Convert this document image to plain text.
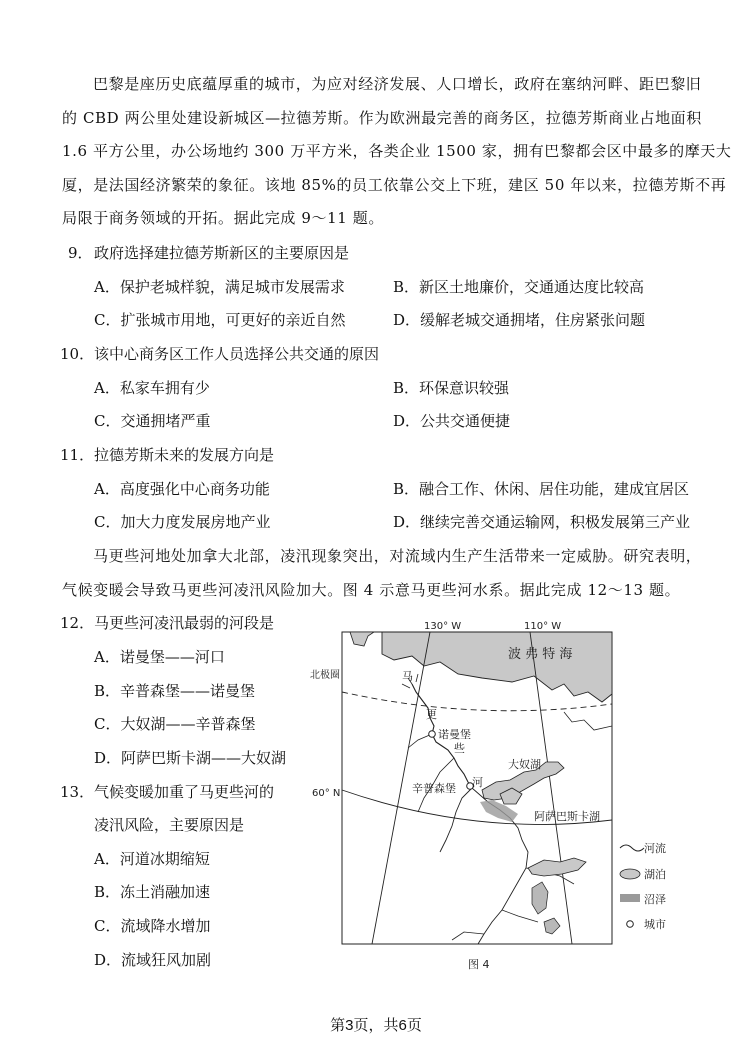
巴黎是座历史底蕴厚重的城市，为应对经济发展、人口增长，政府在塞纳河畔、距巴黎旧
的 CBD 两公里处建设新城区—拉德芳斯。作为欧洲最完善的商务区，拉德芳斯商业占地面积
1.6 平方公里，办公场地约 300 万平方米，各类企业 1500 家，拥有巴黎都会区中最多的摩天大
厦，是法国经济繁荣的象征。该地 85%的员工依靠公交上下班，建区 50 年以来，拉德芳斯不再
局限于商务领域的开拓。据此完成 9～11 题。
9． 政府选择建拉德芳斯新区的主要原因是
A．保护老城样貌，满足城市发展需求	B．新区土地廉价，交通通达度比较高
C．扩张城市用地，可更好的亲近自然	D．缓解老城交通拥堵，住房紧张问题
10． 该中心商务区工作人员选择公共交通的原因
A．私家车拥有少	B．环保意识较强
C．交通拥堵严重	D．公共交通便捷
11． 拉德芳斯未来的发展方向是
A．高度强化中心商务功能	B．融合工作、休闲、居住功能，建成宜居区
C．加大力度发展房地产业	D．继续完善交通运输网，积极发展第三产业
马更些河地处加拿大北部，凌汛现象突出，对流域内生产生活带来一定威胁。研究表明，
气候变暖会导致马更些河凌汛风险加大。图 4 示意马更些河水系。据此完成 12～13 题。
12． 马更些河凌汛最弱的河段是
A．诺曼堡——河口
B．辛普森堡——诺曼堡
C．大奴湖——辛普森堡
D．阿萨巴斯卡湖——大奴湖
13． 气候变暖加重了马更些河的
凌汛风险，主要原因是
A．河道冰期缩短
B．冻土消融加速
C．流域降水增加
D．流域狂风加剧
130° W	110° W
北极圈
60° N
波 弗 特 海
马
更
些
河
诺曼堡
辛普森堡
大奴湖
阿萨巴斯卡湖
河流
湖泊
沼泽
城市
图 4
第3页，共6页
